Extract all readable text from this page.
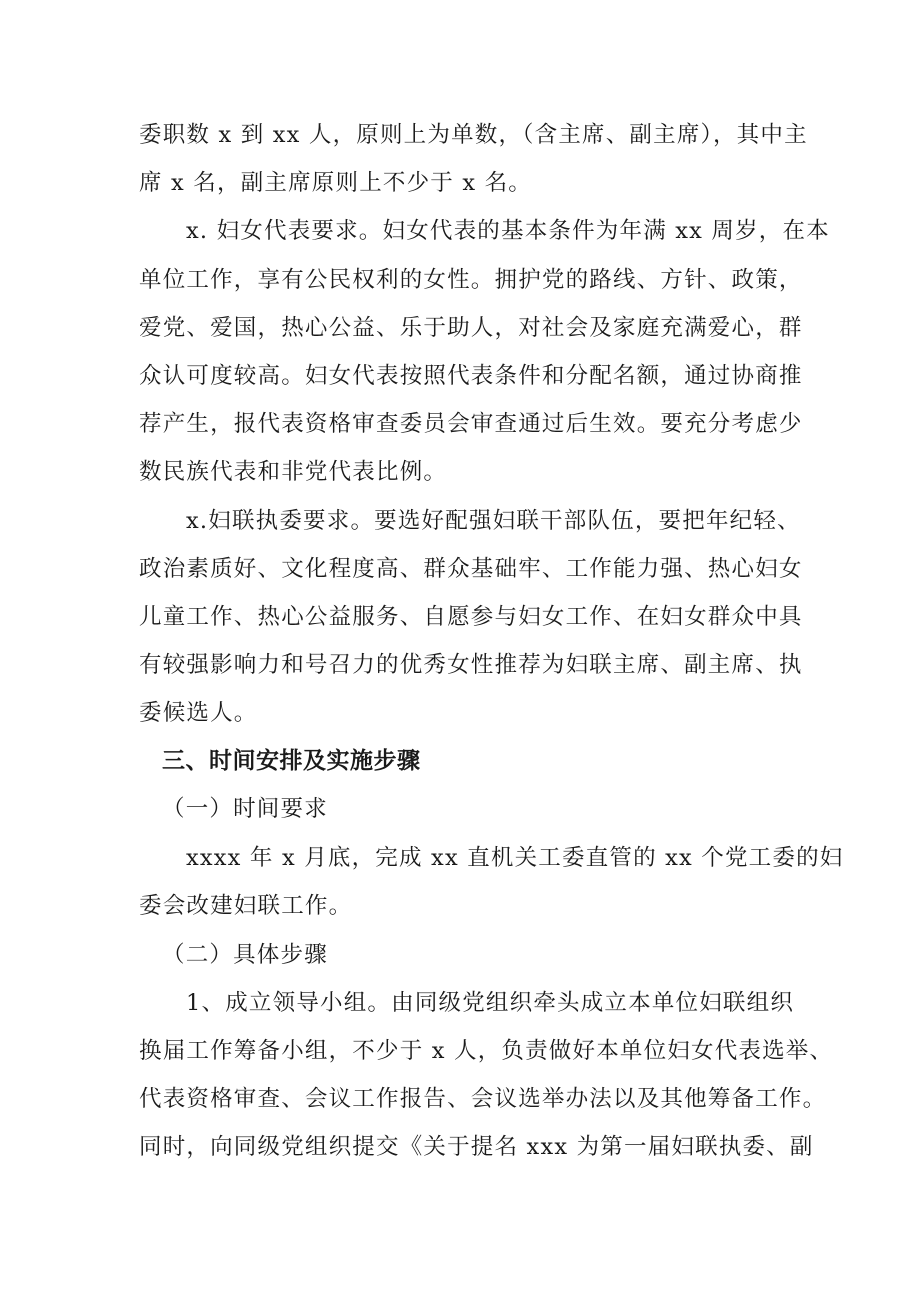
委职数 x 到 xx 人，原则上为单数，（含主席、副主席），其中主
席 x 名，副主席原则上不少于 x 名。
x. 妇女代表要求。妇女代表的基本条件为年满 xx 周岁，在本
单位工作，享有公民权利的女性。拥护党的路线、方针、政策，
爱党、爱国，热心公益、乐于助人，对社会及家庭充满爱心，群
众认可度较高。妇女代表按照代表条件和分配名额，通过协商推
荐产生，报代表资格审查委员会审查通过后生效。要充分考虑少
数民族代表和非党代表比例。
x.妇联执委要求。要选好配强妇联干部队伍，要把年纪轻、
政治素质好、文化程度高、群众基础牢、工作能力强、热心妇女
儿童工作、热心公益服务、自愿参与妇女工作、在妇女群众中具
有较强影响力和号召力的优秀女性推荐为妇联主席、副主席、执
委候选人。
三、时间安排及实施步骤
（一）时间要求
xxxx 年 x 月底，完成 xx 直机关工委直管的 xx 个党工委的妇
委会改建妇联工作。
（二）具体步骤
1、成立领导小组。由同级党组织牵头成立本单位妇联组织
换届工作筹备小组，不少于 x 人，负责做好本单位妇女代表选举、
代表资格审查、会议工作报告、会议选举办法以及其他筹备工作。
同时，向同级党组织提交《关于提名 xxx 为第一届妇联执委、副
